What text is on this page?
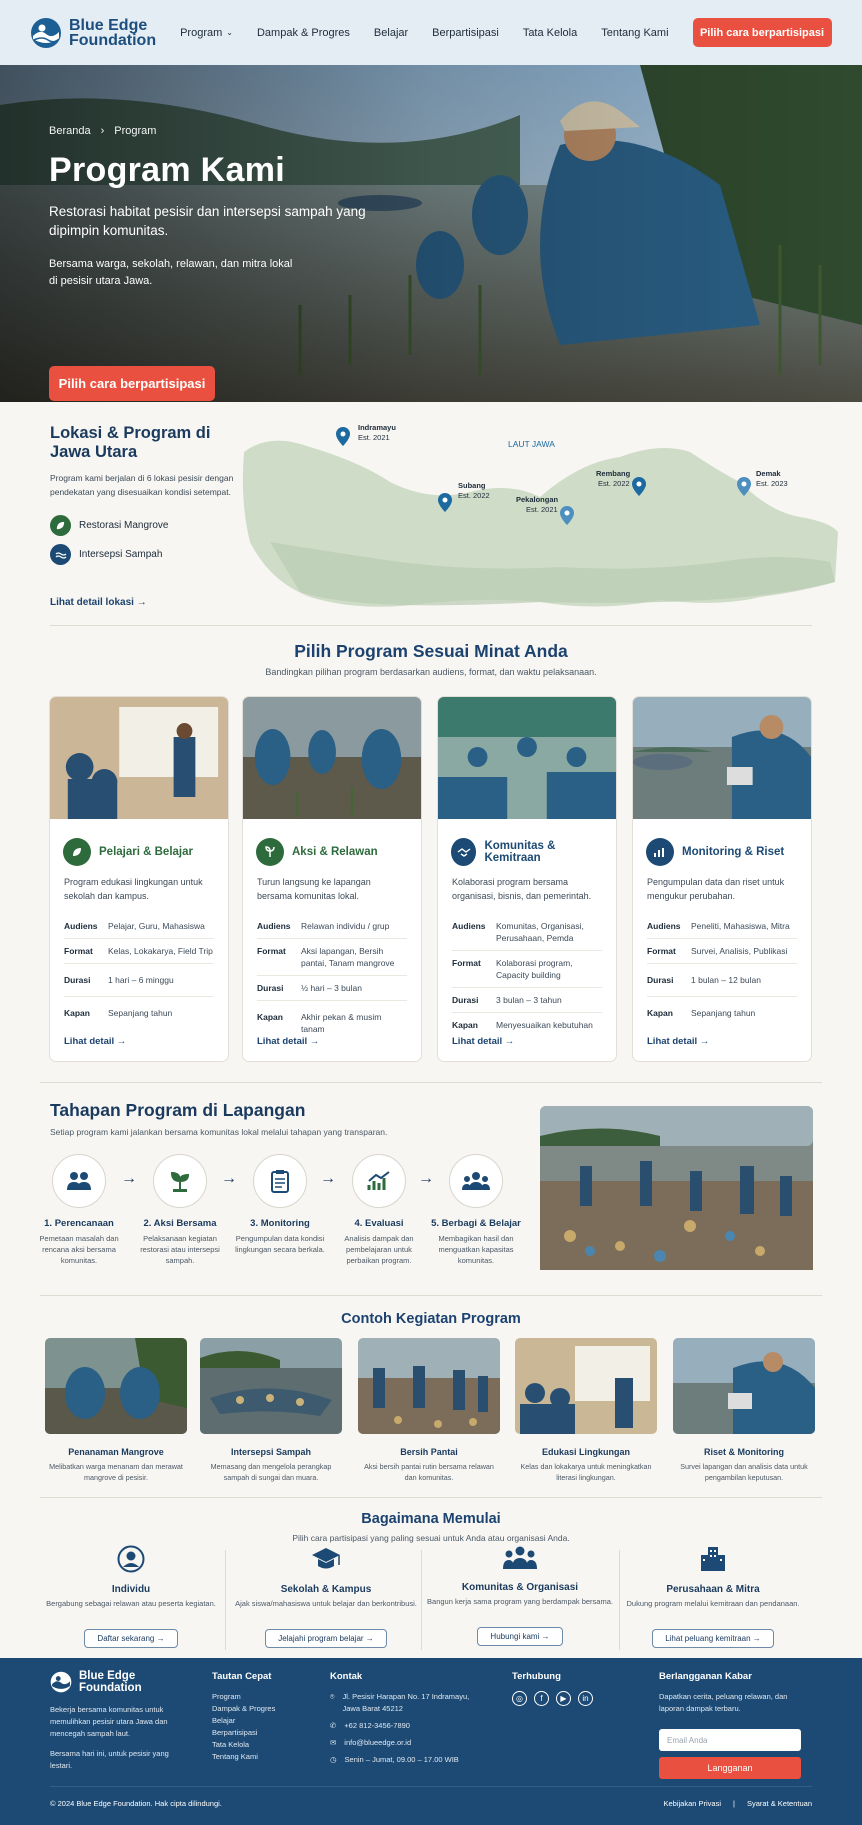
Blue Edge
Foundation Program ⌄ Dampak & Progres Belajar Berpartisipasi Tata Kelola Tentang Kami	Pilih cara berpartisipasi
Beranda › Program
Program Kami
Restorasi habitat pesisir dan intersepsi sampah yang dipimpin komunitas.
Bersama warga, sekolah, relawan, dan mitra lokal di pesisir utara Jawa.
Pilih cara berpartisipasi
Lokasi & Program di Jawa Utara
Program kami berjalan di 6 lokasi pesisir dengan pendekatan yang disesuaikan kondisi setempat.
Restorasi Mangrove
Intersepsi Sampah
Lihat detail lokasi →
LAUT JAWA
Indramayu
Est. 2021
Subang
Est. 2022	Pekalongan
Est. 2021
Rembang
Est. 2022
Demak
Est. 2023
Pilih Program Sesuai Minat Anda
Bandingkan pilihan program berdasarkan audiens, format, dan waktu pelaksanaan.
Pelajari & Belajar
Program edukasi lingkungan untuk sekolah dan kampus.
Audiens	Pelajar, Guru, Mahasiswa
Format	Kelas, Lokakarya, Field Trip
Durasi	1 hari – 6 minggu
Kapan	Sepanjang tahun
Lihat detail →
Aksi & Relawan
Turun langsung ke lapangan bersama komunitas lokal.
Audiens	Relawan individu / grup
Format	Aksi lapangan, Bersih pantai, Tanam mangrove
Durasi	½ hari – 3 bulan
Kapan	Akhir pekan & musim tanam
Lihat detail →
Komunitas & Kemitraan
Kolaborasi program bersama organisasi, bisnis, dan pemerintah.
Audiens	Komunitas, Organisasi, Perusahaan, Pemda
Format	Kolaborasi program, Capacity building
Durasi	3 bulan – 3 tahun
Kapan	Menyesuaikan kebutuhan
Lihat detail →
Monitoring & Riset
Pengumpulan data dan riset untuk mengukur perubahan.
Audiens	Peneliti, Mahasiswa, Mitra
Format	Survei, Analisis, Publikasi
Durasi	1 bulan – 12 bulan
Kapan	Sepanjang tahun
Lihat detail →
Tahapan Program di Lapangan
Setiap program kami jalankan bersama komunitas lokal melalui tahapan yang transparan.
1. Perencanaan
Pemetaan masalah dan rencana aksi bersama komunitas.
→
2. Aksi Bersama
Pelaksanaan kegiatan restorasi atau intersepsi sampah.
→
3. Monitoring
Pengumpulan data kondisi lingkungan secara berkala.
→
4. Evaluasi
Analisis dampak dan pembelajaran untuk perbaikan program.
→
5. Berbagi & Belajar
Membagikan hasil dan menguatkan kapasitas komunitas.
Contoh Kegiatan Program
Penanaman Mangrove
Melibatkan warga menanam dan merawat mangrove di pesisir.
Intersepsi Sampah
Memasang dan mengelola perangkap sampah di sungai dan muara.
Bersih Pantai
Aksi bersih pantai rutin bersama relawan dan komunitas.
Edukasi Lingkungan
Kelas dan lokakarya untuk meningkatkan literasi lingkungan.
Riset & Monitoring
Survei lapangan dan analisis data untuk pengambilan keputusan.
Bagaimana Memulai
Pilih cara partisipasi yang paling sesuai untuk Anda atau organisasi Anda.
Individu
Bergabung sebagai relawan atau peserta kegiatan.
Daftar sekarang →
Sekolah & Kampus
Ajak siswa/mahasiswa untuk belajar dan berkontribusi.
Jelajahi program belajar →
Komunitas & Organisasi
Bangun kerja sama program yang berdampak bersama.
Hubungi kami →
Perusahaan & Mitra
Dukung program melalui kemitraan dan pendanaan.
Lihat peluang kemitraan →
Blue Edge
Foundation
Bekerja bersama komunitas untuk memulihkan pesisir utara Jawa dan mencegah sampah laut.
Bersama hari ini, untuk pesisir yang lestari.
Tautan Cepat
Program
Dampak & Progres
Belajar
Berpartisipasi
Tata Kelola
Tentang Kami
Kontak
⌾ Jl. Pesisir Harapan No. 17 Indramayu, Jawa Barat 45212
✆ +62 812-3456-7890
✉ info@blueedge.or.id
◷ Senin – Jumat, 09.00 – 17.00 WIB
Terhubung
◎ f ▶ in
Berlangganan Kabar
Dapatkan cerita, peluang relawan, dan laporan dampak terbaru.
Email Anda
Langganan
© 2024 Blue Edge Foundation. Hak cipta dilindungi.	Kebijakan Privasi | Syarat & Ketentuan
